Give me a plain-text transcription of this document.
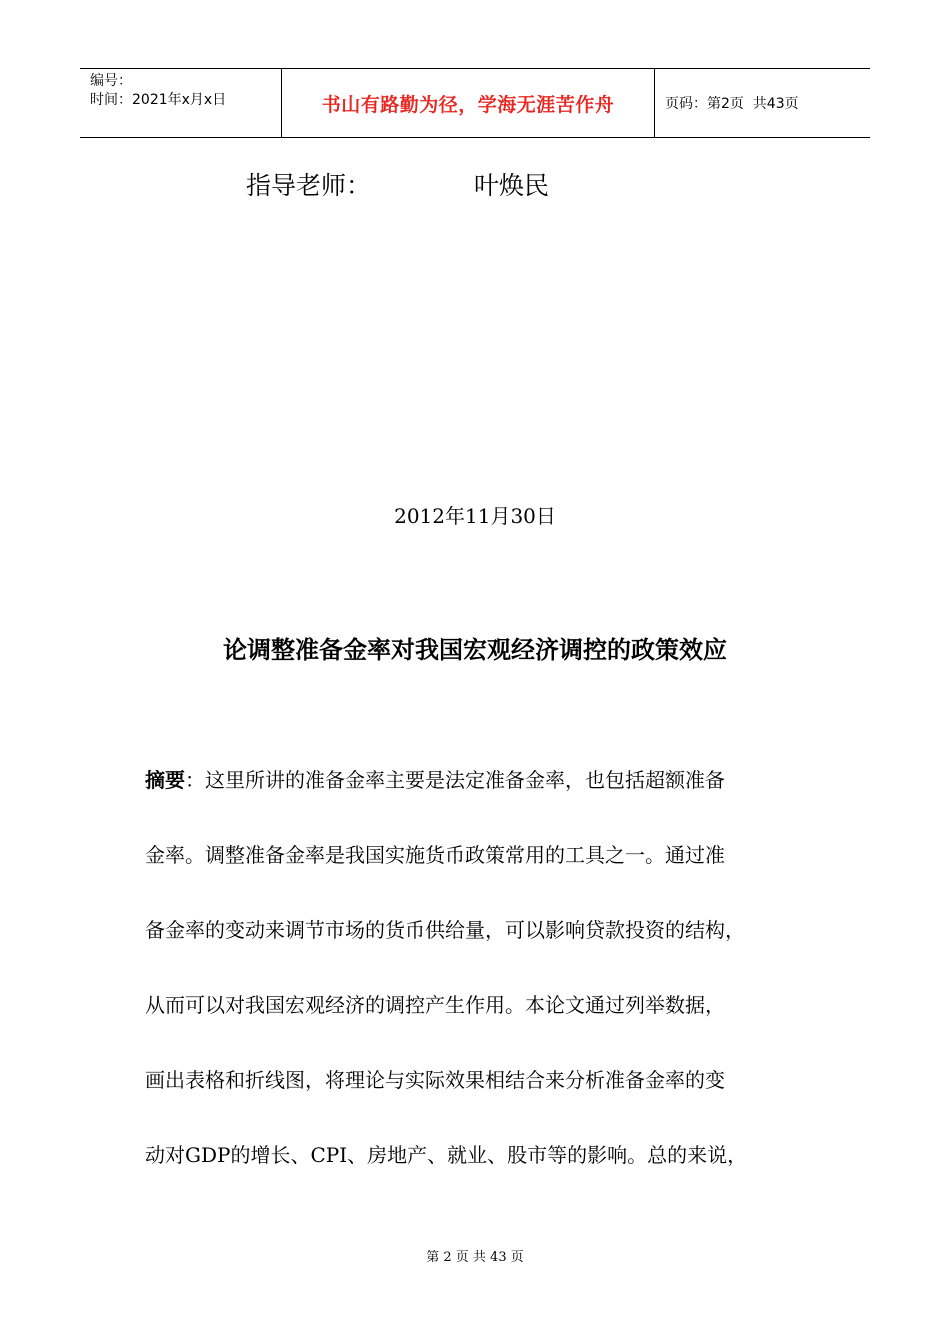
编号：
时间：2021年x月x日	书山有路勤为径，学海无涯苦作舟	页码：第2页  共43页
指导老师：	叶焕民
2012年11月30日
论调整准备金率对我国宏观经济调控的政策效应
摘要：这里所讲的准备金率主要是法定准备金率，也包括超额准备
金率。调整准备金率是我国实施货币政策常用的工具之一。通过准
备金率的变动来调节市场的货币供给量，可以影响贷款投资的结构，
从而可以对我国宏观经济的调控产生作用。本论文通过列举数据，
画出表格和折线图，将理论与实际效果相结合来分析准备金率的变
动对GDP的增长、CPI、房地产、就业、股市等的影响。总的来说，
第 2 页 共 43 页
